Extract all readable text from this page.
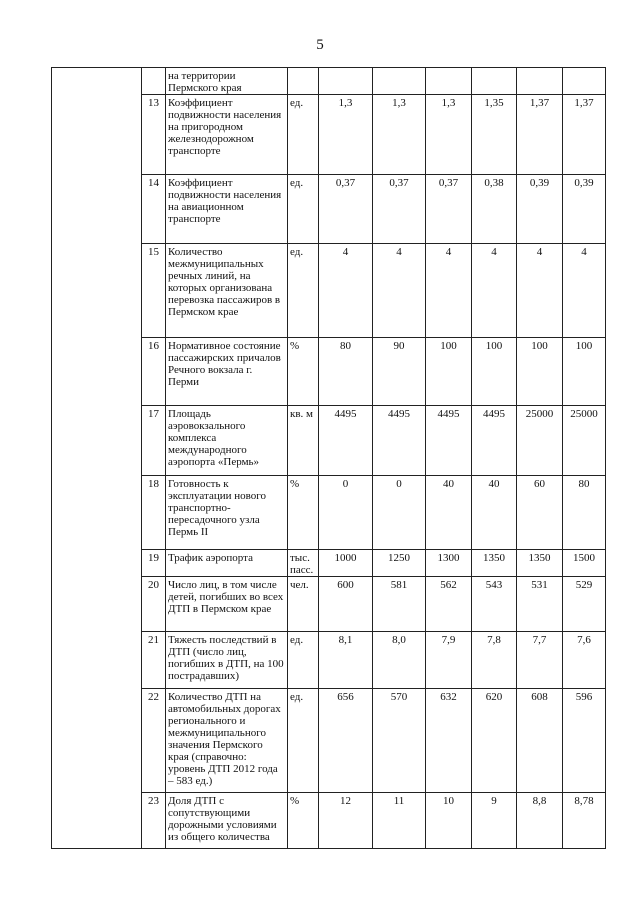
5
		на территории Пермского края							
	13	Коэффициент подвижности населения на пригородном железнодорожном транспорте	ед.	1,3	1,3	1,3	1,35	1,37	1,37
	14	Коэффициент подвижности населения на авиационном транспорте	ед.	0,37	0,37	0,37	0,38	0,39	0,39
	15	Количество межмуниципальных речных линий, на которых организована перевозка пассажиров в Пермском крае	ед.	4	4	4	4	4	4
	16	Нормативное состояние пассажирских причалов Речного вокзала г. Перми	%	80	90	100	100	100	100
	17	Площадь аэровокзального комплекса международного аэропорта «Пермь»	кв. м	4495	4495	4495	4495	25000	25000
	18	Готовность к эксплуатации нового транспортно-пересадочного узла Пермь II	%	0	0	40	40	60	80
	19	Трафик аэропорта	тыс. пасс.	1000	1250	1300	1350	1350	1500
	20	Число лиц, в том числе детей, погибших во всех ДТП в Пермском крае	чел.	600	581	562	543	531	529
	21	Тяжесть последствий в ДТП (число лиц, погибших в ДТП, на 100 пострадавших)	ед.	8,1	8,0	7,9	7,8	7,7	7,6
	22	Количество ДТП на автомобильных дорогах регионального и межмуниципального значения Пермского края (справочно: уровень ДТП 2012 года – 583 ед.)	ед.	656	570	632	620	608	596
	23	Доля ДТП с сопутствующими дорожными условиями из общего количества	%	12	11	10	9	8,8	8,78
